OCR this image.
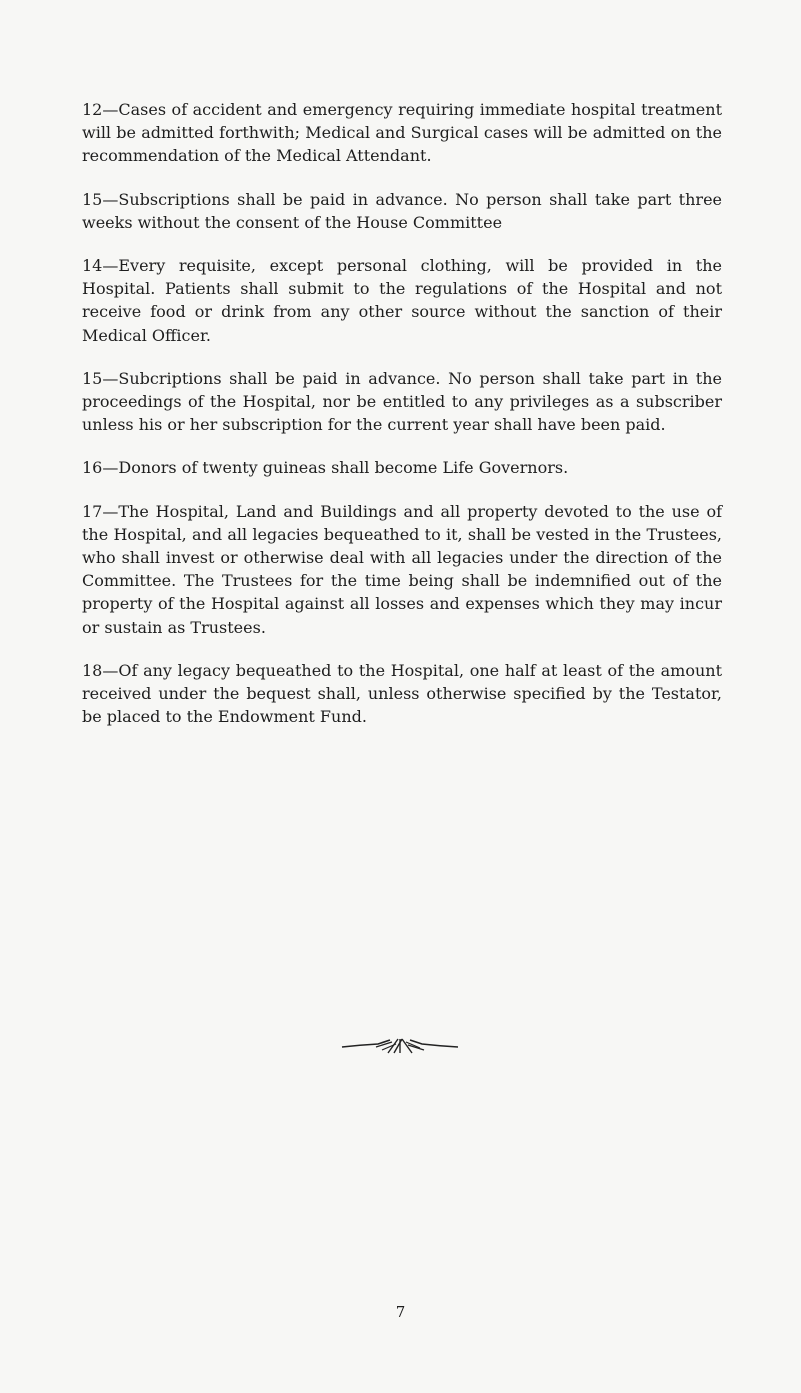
12—Cases of accident and emergency requiring immediate hospital treatment will be admitted forthwith; Medical and Surgical cases will be admitted on the recommendation of the Medical Attendant.

15—Subscriptions shall be paid in advance. No person shall take part three weeks without the consent of the House Committee

14—Every requisite, except personal clothing, will be provided in the Hospital. Patients shall submit to the regulations of the Hospital and not receive food or drink from any other source without the sanction of their Medical Officer.

15—Subcriptions shall be paid in advance. No person shall take part in the proceedings of the Hospital, nor be entitled to any privileges as a subscriber unless his or her subscription for the current year shall have been paid.

16—Donors of twenty guineas shall become Life Governors.

17—The Hospital, Land and Buildings and all property devoted to the use of the Hospital, and all legacies bequeathed to it, shall be vested in the Trustees, who shall invest or otherwise deal with all legacies under the direction of the Committee. The Trustees for the time being shall be indemnified out of the property of the Hospital against all losses and expenses which they may incur or sustain as Trustees.

18—Of any legacy bequeathed to the Hospital, one half at least of the amount received under the bequest shall, unless otherwise specified by the Testator, be placed to the Endowment Fund.

7
